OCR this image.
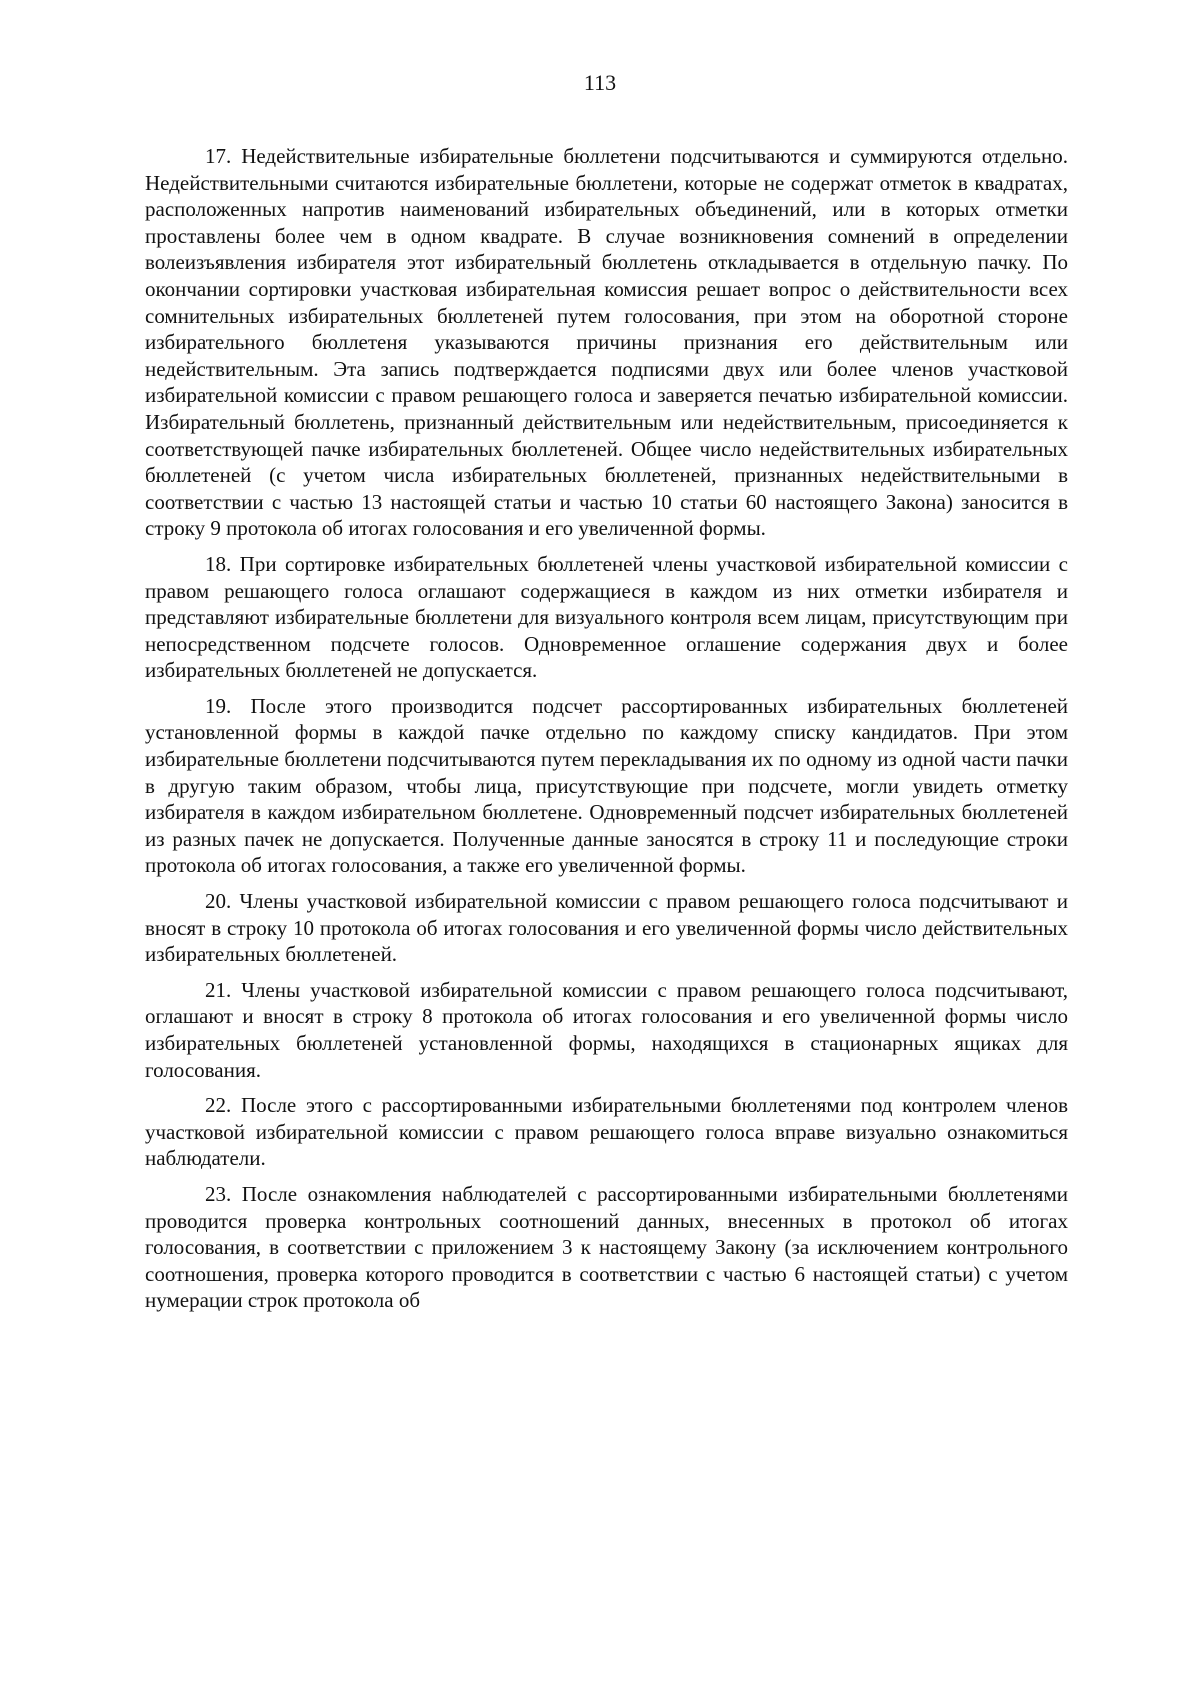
113

17. Недействительные избирательные бюллетени подсчитываются и суммируются отдельно. Недействительными считаются избирательные бюллетени, которые не содержат отметок в квадратах, расположенных напротив наименований избирательных объединений, или в которых отметки проставлены более чем в одном квадрате. В случае возникновения сомнений в определении волеизъявления избирателя этот избирательный бюллетень откладывается в отдельную пачку. По окончании сортировки участковая избирательная комиссия решает вопрос о действительности всех сомнительных избирательных бюллетеней путем голосования, при этом на оборотной стороне избирательного бюллетеня указываются причины признания его действительным или недействительным. Эта запись подтверждается подписями двух или более членов участковой избирательной комиссии с правом решающего голоса и заверяется печатью избирательной комиссии. Избирательный бюллетень, признанный действительным или недействительным, присоединяется к соответствующей пачке избирательных бюллетеней. Общее число недействительных избирательных бюллетеней (с учетом числа избирательных бюллетеней, признанных недействительными в соответствии с частью 13 настоящей статьи и частью 10 статьи 60 настоящего Закона) заносится в строку 9 протокола об итогах голосования и его увеличенной формы.

18. При сортировке избирательных бюллетеней члены участковой избирательной комиссии с правом решающего голоса оглашают содержащиеся в каждом из них отметки избирателя и представляют избирательные бюллетени для визуального контроля всем лицам, присутствующим при непосредственном подсчете голосов. Одновременное оглашение содержания двух и более избирательных бюллетеней не допускается.

19. После этого производится подсчет рассортированных избирательных бюллетеней установленной формы в каждой пачке отдельно по каждому списку кандидатов. При этом избирательные бюллетени подсчитываются путем перекладывания их по одному из одной части пачки в другую таким образом, чтобы лица, присутствующие при подсчете, могли увидеть отметку избирателя в каждом избирательном бюллетене. Одновременный подсчет избирательных бюллетеней из разных пачек не допускается. Полученные данные заносятся в строку 11 и последующие строки протокола об итогах голосования, а также его увеличенной формы.

20. Члены участковой избирательной комиссии с правом решающего голоса подсчитывают и вносят в строку 10 протокола об итогах голосования и его увеличенной формы число действительных избирательных бюллетеней.

21. Члены участковой избирательной комиссии с правом решающего голоса подсчитывают, оглашают и вносят в строку 8 протокола об итогах голосования и его увеличенной формы число избирательных бюллетеней установленной формы, находящихся в стационарных ящиках для голосования.

22. После этого с рассортированными избирательными бюллетенями под контролем членов участковой избирательной комиссии с правом решающего голоса вправе визуально ознакомиться наблюдатели.

23. После ознакомления наблюдателей с рассортированными избирательными бюллетенями проводится проверка контрольных соотношений данных, внесенных в протокол об итогах голосования, в соответствии с приложением 3 к настоящему Закону (за исключением контрольного соотношения, проверка которого проводится в соответствии с частью 6 настоящей статьи) с учетом нумерации строк протокола об
